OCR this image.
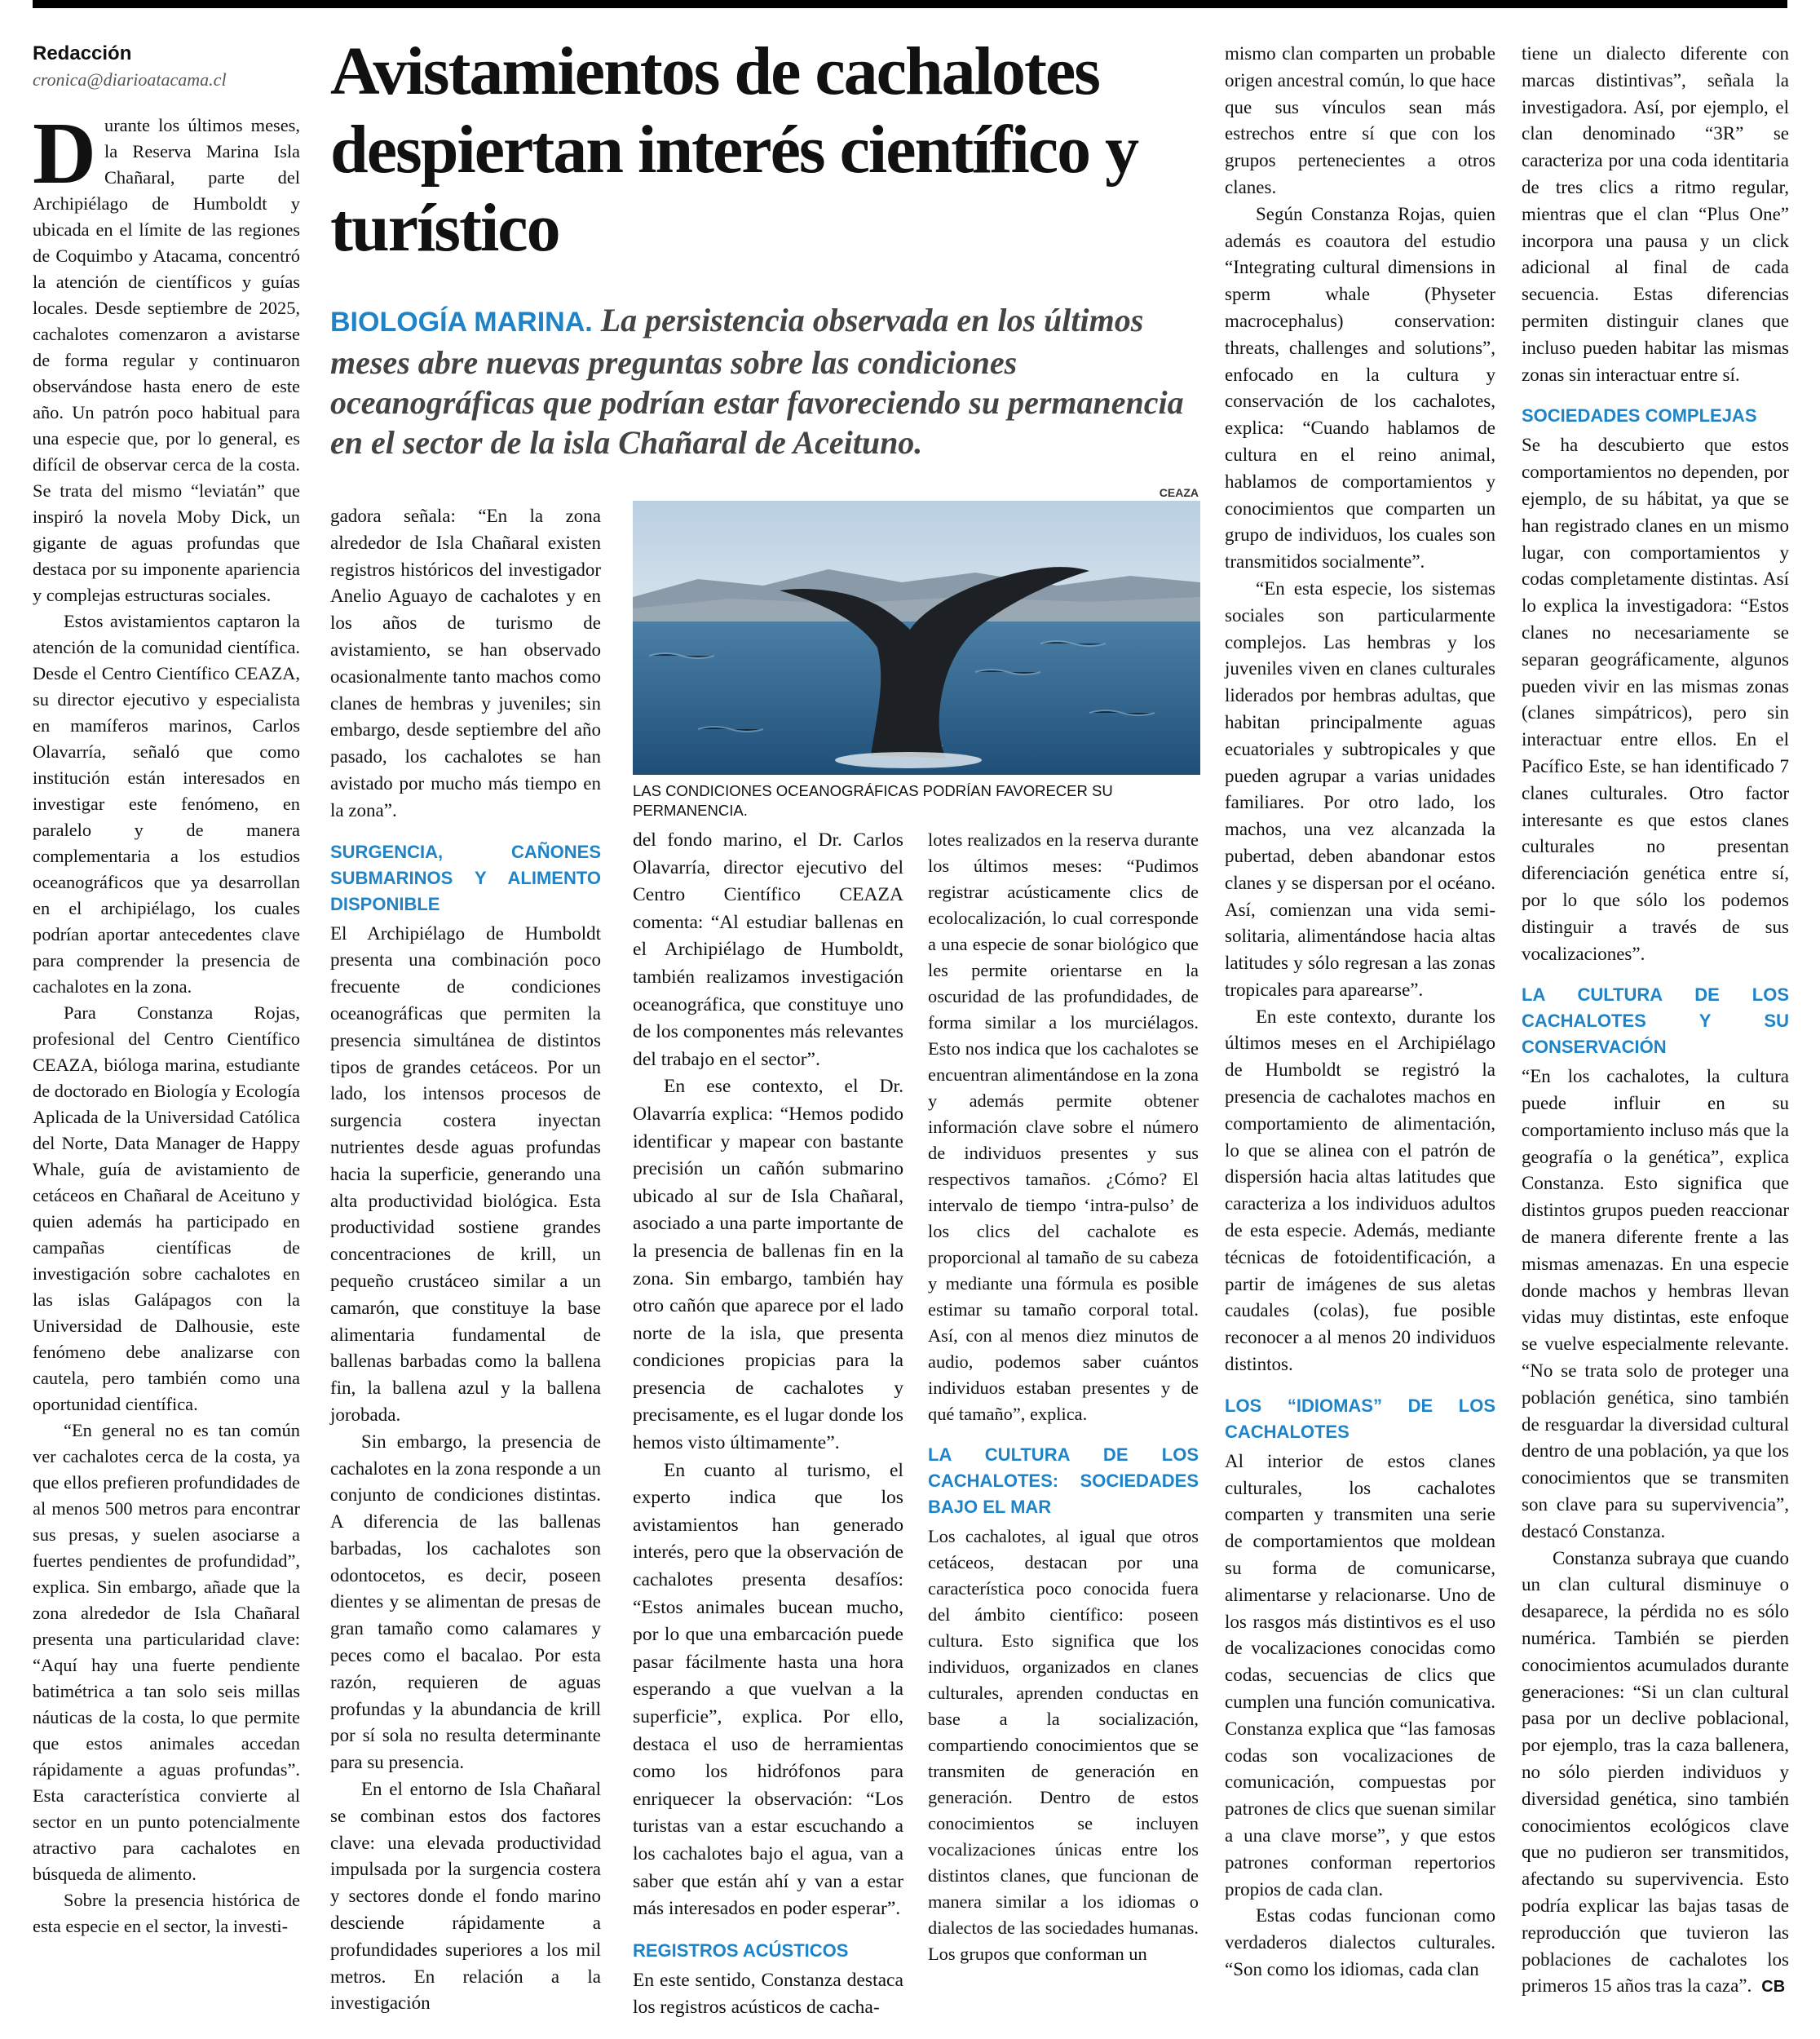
Redacción
cronica@diarioatacama.cl

Durante los últimos meses, la Reserva Marina Isla Chañaral, parte del Archipiélago de Humboldt y ubicada en el límite de las regiones de Coquimbo y Atacama, concentró la atención de científicos y guías locales. Desde septiembre de 2025, cachalotes comenzaron a avistarse de forma regular y continuaron observándose hasta enero de este año. Un patrón poco habitual para una especie que, por lo general, es difícil de observar cerca de la costa. Se trata del mismo “leviatán” que inspiró la novela Moby Dick, un gigante de aguas profundas que destaca por su imponente apariencia y complejas estructuras sociales.

Estos avistamientos captaron la atención de la comunidad científica. Desde el Centro Científico CEAZA, su director ejecutivo y especialista en mamíferos marinos, Carlos Olavarría, señaló que como institución están interesados en investigar este fenómeno, en paralelo y de manera complementaria a los estudios oceanográficos que ya desarrollan en el archipiélago, los cuales podrían aportar antecedentes clave para comprender la presencia de cachalotes en la zona.

Para Constanza Rojas, profesional del Centro Científico CEAZA, bióloga marina, estudiante de doctorado en Biología y Ecología Aplicada de la Universidad Católica del Norte, Data Manager de Happy Whale, guía de avistamiento de cetáceos en Chañaral de Aceituno y quien además ha participado en campañas científicas de investigación sobre cachalotes en las islas Galápagos con la Universidad de Dalhousie, este fenómeno debe analizarse con cautela, pero también como una oportunidad científica.

“En general no es tan común ver cachalotes cerca de la costa, ya que ellos prefieren profundidades de al menos 500 metros para encontrar sus presas, y suelen asociarse a fuertes pendientes de profundidad”, explica. Sin embargo, añade que la zona alrededor de Isla Chañaral presenta una particularidad clave: “Aquí hay una fuerte pendiente batimétrica a tan solo seis millas náuticas de la costa, lo que permite que estos animales accedan rápidamente a aguas profundas”. Esta característica convierte al sector en un punto potencialmente atractivo para cachalotes en búsqueda de alimento.

Sobre la presencia histórica de esta especie en el sector, la investi-

Avistamientos de cachalotes despiertan interés científico y turístico
BIOLOGÍA MARINA. La persistencia observada en los últimos meses abre nuevas preguntas sobre las condiciones oceanográficas que podrían estar favoreciendo su permanencia en el sector de la isla Chañaral de Aceituno.

gadora señala: “En la zona alrededor de Isla Chañaral existen registros históricos del investigador Anelio Aguayo de cachalotes y en los años de turismo de avistamiento, se han observado ocasionalmente tanto machos como clanes de hembras y juveniles; sin embargo, desde septiembre del año pasado, los cachalotes se han avistado por mucho más tiempo en la zona”.

SURGENCIA, CAÑONES SUBMARINOS Y ALIMENTO DISPONIBLE

El Archipiélago de Humboldt presenta una combinación poco frecuente de condiciones oceanográficas que permiten la presencia simultánea de distintos tipos de grandes cetáceos. Por un lado, los intensos procesos de surgencia costera inyectan nutrientes desde aguas profundas hacia la superficie, generando una alta productividad biológica. Esta productividad sostiene grandes concentraciones de krill, un pequeño crustáceo similar a un camarón, que constituye la base alimentaria fundamental de ballenas barbadas como la ballena fin, la ballena azul y la ballena jorobada.

Sin embargo, la presencia de cachalotes en la zona responde a un conjunto de condiciones distintas. A diferencia de las ballenas barbadas, los cachalotes son odontocetos, es decir, poseen dientes y se alimentan de presas de gran tamaño como calamares y peces como el bacalao. Por esta razón, requieren de aguas profundas y la abundancia de krill por sí sola no resulta determinante para su presencia.

En el entorno de Isla Chañaral se combinan estos dos factores clave: una elevada productividad impulsada por la surgencia costera y sectores donde el fondo marino desciende rápidamente a profundidades superiores a los mil metros. En relación a la investigación

CEAZA
LAS CONDICIONES OCEANOGRÁFICAS PODRÍAN FAVORECER SU PERMANENCIA.

del fondo marino, el Dr. Carlos Olavarría, director ejecutivo del Centro Científico CEAZA comenta: “Al estudiar ballenas en el Archipiélago de Humboldt, también realizamos investigación oceanográfica, que constituye uno de los componentes más relevantes del trabajo en el sector”.

En ese contexto, el Dr. Olavarría explica: “Hemos podido identificar y mapear con bastante precisión un cañón submarino ubicado al sur de Isla Chañaral, asociado a una parte importante de la presencia de ballenas fin en la zona. Sin embargo, también hay otro cañón que aparece por el lado norte de la isla, que presenta condiciones propicias para la presencia de cachalotes y precisamente, es el lugar donde los hemos visto últimamente”.

En cuanto al turismo, el experto indica que los avistamientos han generado interés, pero que la observación de cachalotes presenta desafíos: “Estos animales bucean mucho, por lo que una embarcación puede pasar fácilmente hasta una hora esperando a que vuelvan a la superficie”, explica. Por ello, destaca el uso de herramientas como los hidrófonos para enriquecer la observación: “Los turistas van a estar escuchando a los cachalotes bajo el agua, van a saber que están ahí y van a estar más interesados en poder esperar”.

REGISTROS ACÚSTICOS

En este sentido, Constanza destaca los registros acústicos de cacha-

lotes realizados en la reserva durante los últimos meses: “Pudimos registrar acústicamente clics de ecolocalización, lo cual corresponde a una especie de sonar biológico que les permite orientarse en la oscuridad de las profundidades, de forma similar a los murciélagos. Esto nos indica que los cachalotes se encuentran alimentándose en la zona y además permite obtener información clave sobre el número de individuos presentes y sus respectivos tamaños. ¿Cómo? El intervalo de tiempo ‘intra-pulso’ de los clics del cachalote es proporcional al tamaño de su cabeza y mediante una fórmula es posible estimar su tamaño corporal total. Así, con al menos diez minutos de audio, podemos saber cuántos individuos estaban presentes y de qué tamaño”, explica.

LA CULTURA DE LOS CACHALOTES: SOCIEDADES BAJO EL MAR

Los cachalotes, al igual que otros cetáceos, destacan por una característica poco conocida fuera del ámbito científico: poseen cultura. Esto significa que los individuos, organizados en clanes culturales, aprenden conductas en base a la socialización, compartiendo conocimientos que se transmiten de generación en generación. Dentro de estos conocimientos se incluyen vocalizaciones únicas entre los distintos clanes, que funcionan de manera similar a los idiomas o dialectos de las sociedades humanas. Los grupos que conforman un

mismo clan comparten un probable origen ancestral común, lo que hace que sus vínculos sean más estrechos entre sí que con los grupos pertenecientes a otros clanes.

Según Constanza Rojas, quien además es coautora del estudio “Integrating cultural dimensions in sperm whale (Physeter macrocephalus) conservation: threats, challenges and solutions”, enfocado en la cultura y conservación de los cachalotes, explica: “Cuando hablamos de cultura en el reino animal, hablamos de comportamientos y conocimientos que comparten un grupo de individuos, los cuales son transmitidos socialmente”.

“En esta especie, los sistemas sociales son particularmente complejos. Las hembras y los juveniles viven en clanes culturales liderados por hembras adultas, que habitan principalmente aguas ecuatoriales y subtropicales y que pueden agrupar a varias unidades familiares. Por otro lado, los machos, una vez alcanzada la pubertad, deben abandonar estos clanes y se dispersan por el océano. Así, comienzan una vida semi-solitaria, alimentándose hacia altas latitudes y sólo regresan a las zonas tropicales para aparearse”.

En este contexto, durante los últimos meses en el Archipiélago de Humboldt se registró la presencia de cachalotes machos en comportamiento de alimentación, lo que se alinea con el patrón de dispersión hacia altas latitudes que caracteriza a los individuos adultos de esta especie. Además, mediante técnicas de fotoidentificación, a partir de imágenes de sus aletas caudales (colas), fue posible reconocer a al menos 20 individuos distintos.

LOS “IDIOMAS” DE LOS CACHALOTES

Al interior de estos clanes culturales, los cachalotes comparten y transmiten una serie de comportamientos que moldean su forma de comunicarse, alimentarse y relacionarse. Uno de los rasgos más distintivos es el uso de vocalizaciones conocidas como codas, secuencias de clics que cumplen una función comunicativa. Constanza explica que “las famosas codas son vocalizaciones de comunicación, compuestas por patrones de clics que suenan similar a una clave morse”, y que estos patrones conforman repertorios propios de cada clan.

Estas codas funcionan como verdaderos dialectos culturales. “Son como los idiomas, cada clan

tiene un dialecto diferente con marcas distintivas”, señala la investigadora. Así, por ejemplo, el clan denominado “3R” se caracteriza por una coda identitaria de tres clics a ritmo regular, mientras que el clan “Plus One” incorpora una pausa y un click adicional al final de cada secuencia. Estas diferencias permiten distinguir clanes que incluso pueden habitar las mismas zonas sin interactuar entre sí.

SOCIEDADES COMPLEJAS

Se ha descubierto que estos comportamientos no dependen, por ejemplo, de su hábitat, ya que se han registrado clanes en un mismo lugar, con comportamientos y codas completamente distintas. Así lo explica la investigadora: “Estos clanes no necesariamente se separan geográficamente, algunos pueden vivir en las mismas zonas (clanes simpátricos), pero sin interactuar entre ellos. En el Pacífico Este, se han identificado 7 clanes culturales. Otro factor interesante es que estos clanes culturales no presentan diferenciación genética entre sí, por lo que sólo los podemos distinguir a través de sus vocalizaciones”.

LA CULTURA DE LOS CACHALOTES Y SU CONSERVACIÓN

“En los cachalotes, la cultura puede influir en su comportamiento incluso más que la geografía o la genética”, explica Constanza. Esto significa que distintos grupos pueden reaccionar de manera diferente frente a las mismas amenazas. En una especie donde machos y hembras llevan vidas muy distintas, este enfoque se vuelve especialmente relevante. “No se trata solo de proteger una población genética, sino también de resguardar la diversidad cultural dentro de una población, ya que los conocimientos que se transmiten son clave para su supervivencia”, destacó Constanza.

Constanza subraya que cuando un clan cultural disminuye o desaparece, la pérdida no es sólo numérica. También se pierden conocimientos acumulados durante generaciones: “Si un clan cultural pasa por un declive poblacional, por ejemplo, tras la caza ballenera, no sólo pierden individuos y diversidad genética, sino también conocimientos ecológicos clave que no pudieron ser transmitidos, afectando su supervivencia. Esto podría explicar las bajas tasas de reproducción que tuvieron las poblaciones de cachalotes los primeros 15 años tras la caza”. CB
